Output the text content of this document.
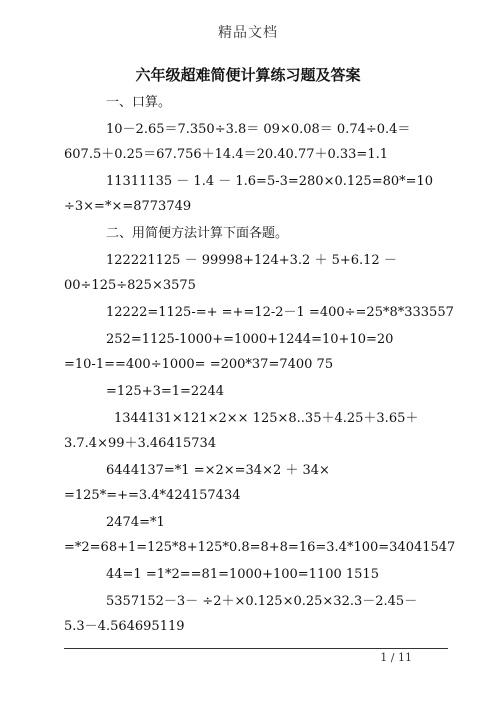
精品文档
六年级超难简便计算练习题及答案
一、口算。
10－2.65＝7.350÷3.8＝ 09×0.08＝ 0.74÷0.4＝
607.5＋0.25＝67.756＋14.4＝20.40.77＋0.33=1.1
11311135 － 1.4 － 1.6=5-3=280×0.125=80*=10
÷3×=*×=8773749
二、用简便方法计算下面各题。
122221125 － 99998+124+3.2 ＋ 5+6.12 －
00÷125÷825×3575
12222=1125-=+ =+=12-2－1 =400÷=25*8*333557
252=1125-1000+=1000+1244=10+10=20
=10-1==400÷1000= =200*37=7400 75
=125+3=1=2244
1344131×121×2×× 125×8..35＋4.25＋3.65＋
3.7.4×99＋3.46415734
6444137=*1 =×2×=34×2 ＋ 34×
=125*=+=3.4*424157434
2474=*1
=*2=68+1=125*8+125*0.8=8+8=16=3.4*100=34041547
44=1 =1*2==81=1000+100=1100 1515
5357152－3－ ÷2＋×0.125×0.25×32.3－2.45－
5.3－4.564695119
1 / 11
